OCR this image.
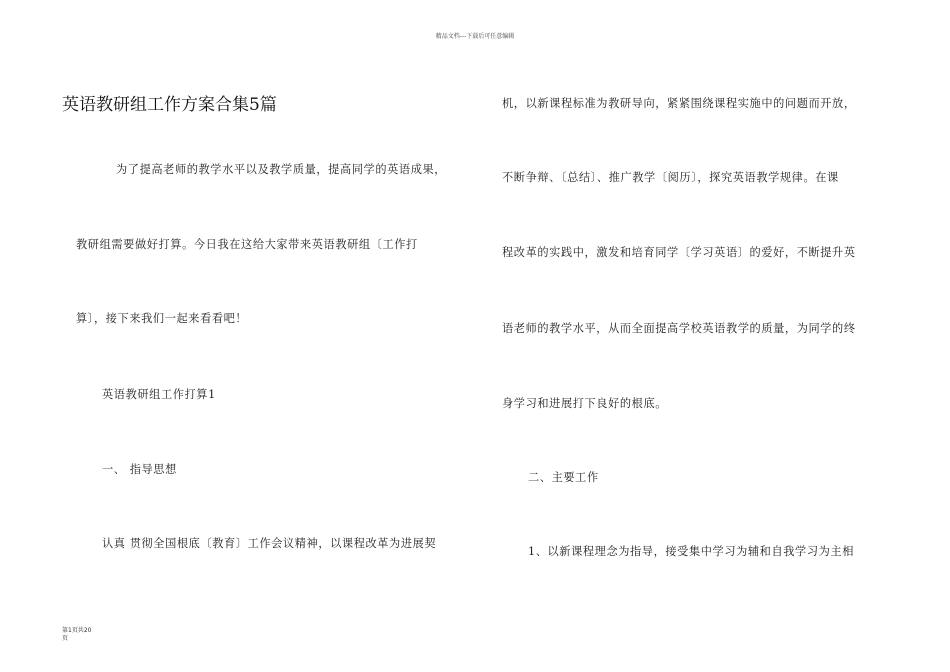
精品文档---下载后可任意编辑
英语教研组工作方案合集5篇
为了提高老师的教学水平以及教学质量，提高同学的英语成果，
教研组需要做好打算。今日我在这给大家带来英语教研组〔工作打
算〕，接下来我们一起来看看吧！
英语教研组工作打算1
一、 指导思想
认真 贯彻全国根底〔教育〕工作会议精神，以课程改革为进展契
机，以新课程标准为教研导向，紧紧围绕课程实施中的问题而开放，
不断争辩、〔总结〕、推广教学〔阅历〕，探究英语教学规律。在课
程改革的实践中，激发和培育同学〔学习英语〕的爱好，不断提升英
语老师的教学水平，从而全面提高学校英语教学的质量，为同学的终
身学习和进展打下良好的根底。
二、主要工作
1、以新课程理念为指导，接受集中学习为辅和自我学习为主相
第1页共20
页
